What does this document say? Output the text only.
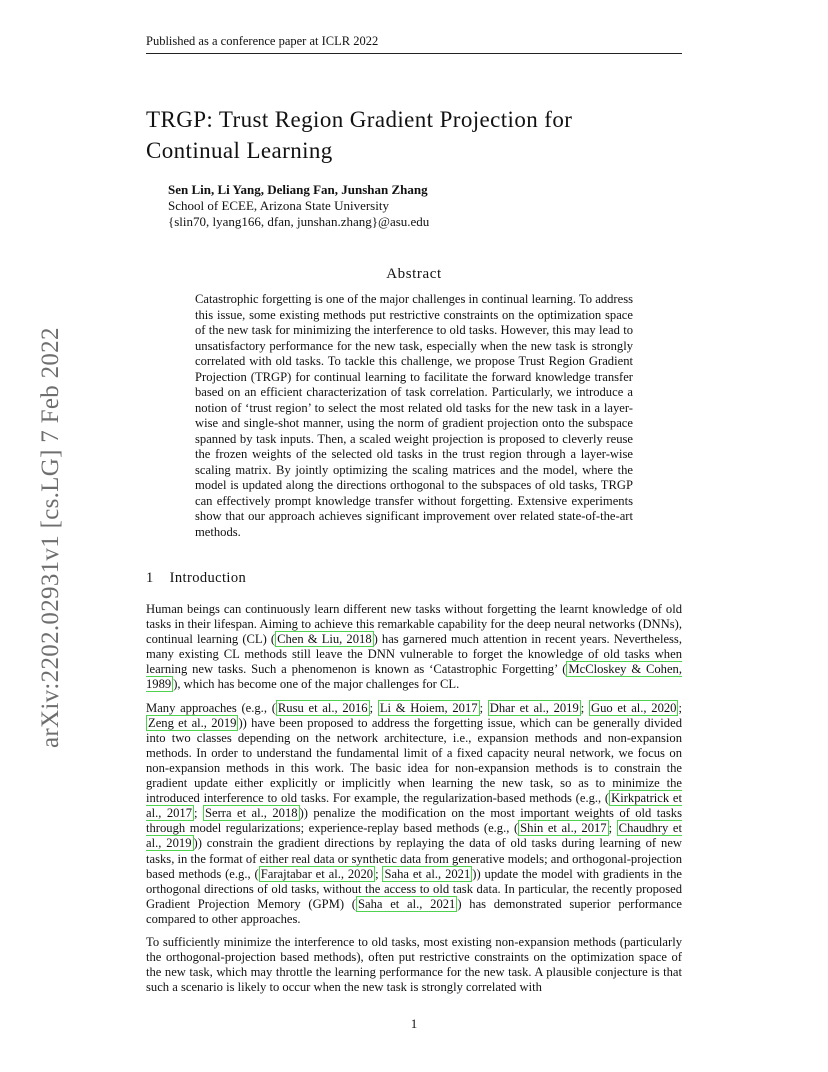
Published as a conference paper at ICLR 2022
arXiv:2202.02931v1 [cs.LG] 7 Feb 2022
TRGP: Trust Region Gradient Projection for
Continual Learning
Sen Lin, Li Yang, Deliang Fan, Junshan Zhang
School of ECEE, Arizona State University
{slin70, lyang166, dfan, junshan.zhang}@asu.edu
Abstract
Catastrophic forgetting is one of the major challenges in continual learning. To address this issue, some existing methods put restrictive constraints on the optimization space of the new task for minimizing the interference to old tasks. However, this may lead to unsatisfactory performance for the new task, especially when the new task is strongly correlated with old tasks. To tackle this challenge, we propose Trust Region Gradient Projection (TRGP) for continual learning to facilitate the forward knowledge transfer based on an efficient characterization of task correlation. Particularly, we introduce a notion of ‘trust region’ to select the most related old tasks for the new task in a layer-wise and single-shot manner, using the norm of gradient projection onto the subspace spanned by task inputs. Then, a scaled weight projection is proposed to cleverly reuse the frozen weights of the selected old tasks in the trust region through a layer-wise scaling matrix. By jointly optimizing the scaling matrices and the model, where the model is updated along the directions orthogonal to the subspaces of old tasks, TRGP can effectively prompt knowledge transfer without forgetting. Extensive experiments show that our approach achieves significant improvement over related state-of-the-art methods.
1 Introduction

Human beings can continuously learn different new tasks without forgetting the learnt knowledge of old tasks in their lifespan. Aiming to achieve this remarkable capability for the deep neural networks (DNNs), continual learning (CL) ( Chen & Liu, 2018 ) has garnered much attention in recent years. Nevertheless, many existing CL methods still leave the DNN vulnerable to forget the knowledge of old tasks when learning new tasks. Such a phenomenon is known as ‘Catastrophic Forgetting’ ( McCloskey & Cohen, 1989 ), which has become one of the major challenges for CL.

Many approaches (e.g., ( Rusu et al., 2016 ; Li & Hoiem, 2017 ; Dhar et al., 2019 ; Guo et al., 2020 ; Zeng et al., 2019 )) have been proposed to address the forgetting issue, which can be generally divided into two classes depending on the network architecture, i.e., expansion methods and non-expansion methods. In order to understand the fundamental limit of a fixed capacity neural network, we focus on non-expansion methods in this work. The basic idea for non-expansion methods is to constrain the gradient update either explicitly or implicitly when learning the new task, so as to minimize the introduced interference to old tasks. For example, the regularization-based methods (e.g., ( Kirkpatrick et al., 2017 ; Serra et al., 2018 )) penalize the modification on the most important weights of old tasks through model regularizations; experience-replay based methods (e.g., ( Shin et al., 2017 ; Chaudhry et al., 2019 )) constrain the gradient directions by replaying the data of old tasks during learning of new tasks, in the format of either real data or synthetic data from generative models; and orthogonal-projection based methods (e.g., ( Farajtabar et al., 2020 ; Saha et al., 2021 )) update the model with gradients in the orthogonal directions of old tasks, without the access to old task data. In particular, the recently proposed Gradient Projection Memory (GPM) ( Saha et al., 2021 ) has demonstrated superior performance compared to other approaches.

To sufficiently minimize the interference to old tasks, most existing non-expansion methods (particularly the orthogonal-projection based methods), often put restrictive constraints on the optimization space of the new task, which may throttle the learning performance for the new task. A plausible conjecture is that such a scenario is likely to occur when the new task is strongly correlated with

1
